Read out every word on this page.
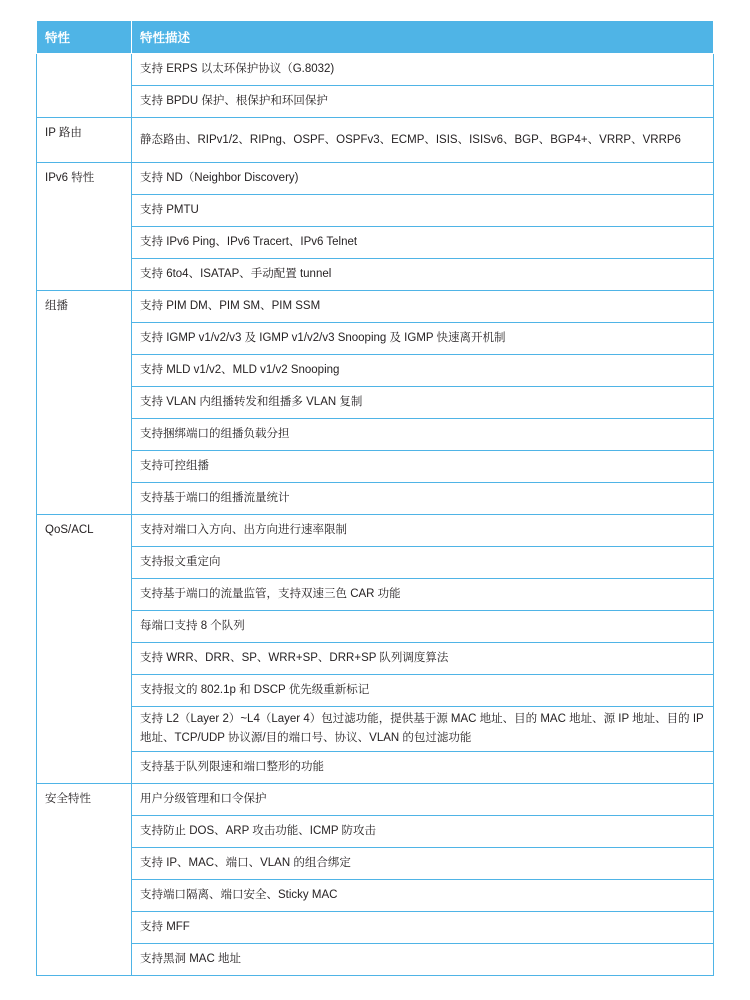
特性	特性描述
	支持 ERPS 以太环保护协议（G.8032)
	支持 BPDU 保护、根保护和环回保护
IP 路由	静态路由、RIPv1/2、RIPng、OSPF、OSPFv3、ECMP、ISIS、ISISv6、BGP、BGP4+、VRRP、VRRP6
IPv6 特性	支持 ND（Neighbor Discovery)
	支持 PMTU
	支持 IPv6 Ping、IPv6 Tracert、IPv6 Telnet
	支持 6to4、ISATAP、手动配置 tunnel
组播	支持 PIM DM、PIM SM、PIM SSM
	支持 IGMP v1/v2/v3 及 IGMP v1/v2/v3 Snooping 及 IGMP 快速离开机制
	支持 MLD v1/v2、MLD v1/v2 Snooping
	支持 VLAN 内组播转发和组播多 VLAN 复制
	支持捆绑端口的组播负载分担
	支持可控组播
	支持基于端口的组播流量统计
QoS/ACL	支持对端口入方向、出方向进行速率限制
	支持报文重定向
	支持基于端口的流量监管，支持双速三色 CAR 功能
	每端口支持 8 个队列
	支持 WRR、DRR、SP、WRR+SP、DRR+SP 队列调度算法
	支持报文的 802.1p 和 DSCP 优先级重新标记
	支持 L2（Layer 2）~L4（Layer 4）包过滤功能，提供基于源 MAC 地址、目的 MAC 地址、源 IP 地址、目的 IP 地址、TCP/UDP 协议源/目的端口号、协议、VLAN 的包过滤功能
	支持基于队列限速和端口整形的功能
安全特性	用户分级管理和口令保护
	支持防止 DOS、ARP 攻击功能、ICMP 防攻击
	支持 IP、MAC、端口、VLAN 的组合绑定
	支持端口隔离、端口安全、Sticky MAC
	支持 MFF
	支持黑洞 MAC 地址
